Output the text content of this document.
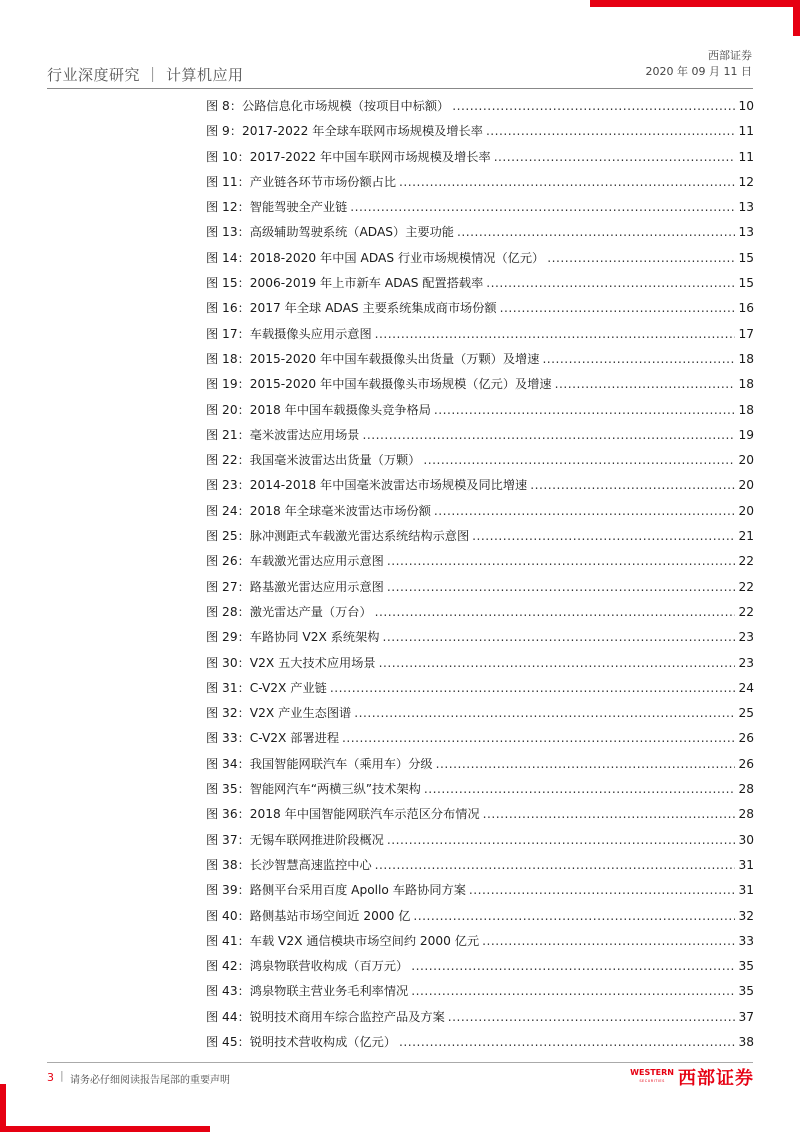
行业深度研究 ｜ 计算机应用
西部证券
2020 年 09 月 11 日
图 8：公路信息化市场规模（按项目中标额） .....	10
图 9：2017-2022 年全球车联网市场规模及增长率 .....	11
图 10：2017-2022 年中国车联网市场规模及增长率 .....	11
图 11：产业链各环节市场份额占比 .....	12
图 12：智能驾驶全产业链 .....	13
图 13：高级辅助驾驶系统（ADAS）主要功能 .....	13
图 14：2018-2020 年中国 ADAS 行业市场规模情况（亿元） .....	15
图 15：2006-2019 年上市新车 ADAS 配置搭载率 .....	15
图 16：2017 年全球 ADAS 主要系统集成商市场份额 .....	16
图 17：车载摄像头应用示意图 .....	17
图 18：2015-2020 年中国车载摄像头出货量（万颗）及增速 .....	18
图 19：2015-2020 年中国车载摄像头市场规模（亿元）及增速 .....	18
图 20：2018 年中国车载摄像头竞争格局 .....	18
图 21：毫米波雷达应用场景 .....	19
图 22：我国毫米波雷达出货量（万颗） .....	20
图 23：2014-2018 年中国毫米波雷达市场规模及同比增速 .....	20
图 24：2018 年全球毫米波雷达市场份额 .....	20
图 25：脉冲测距式车载激光雷达系统结构示意图 .....	21
图 26：车载激光雷达应用示意图 .....	22
图 27：路基激光雷达应用示意图 .....	22
图 28：激光雷达产量（万台） .....	22
图 29：车路协同 V2X 系统架构 .....	23
图 30：V2X 五大技术应用场景 .....	23
图 31：C-V2X 产业链 .....	24
图 32：V2X 产业生态图谱 .....	25
图 33：C-V2X 部署进程 .....	26
图 34：我国智能网联汽车（乘用车）分级 .....	26
图 35：智能网汽车“两横三纵”技术架构 .....	28
图 36：2018 年中国智能网联汽车示范区分布情况 .....	28
图 37：无锡车联网推进阶段概况 .....	30
图 38：长沙智慧高速监控中心 .....	31
图 39：路侧平台采用百度 Apollo 车路协同方案 .....	31
图 40：路侧基站市场空间近 2000 亿 .....	32
图 41：车载 V2X 通信模块市场空间约 2000 亿元 .....	33
图 42：鸿泉物联营收构成（百万元） .....	35
图 43：鸿泉物联主营业务毛利率情况 .....	35
图 44：锐明技术商用车综合监控产品及方案 .....	37
图 45：锐明技术营收构成（亿元） .....	38
3 | 请务必仔细阅读报告尾部的重要声明
WESTERN
SECURITIES 西部证券
